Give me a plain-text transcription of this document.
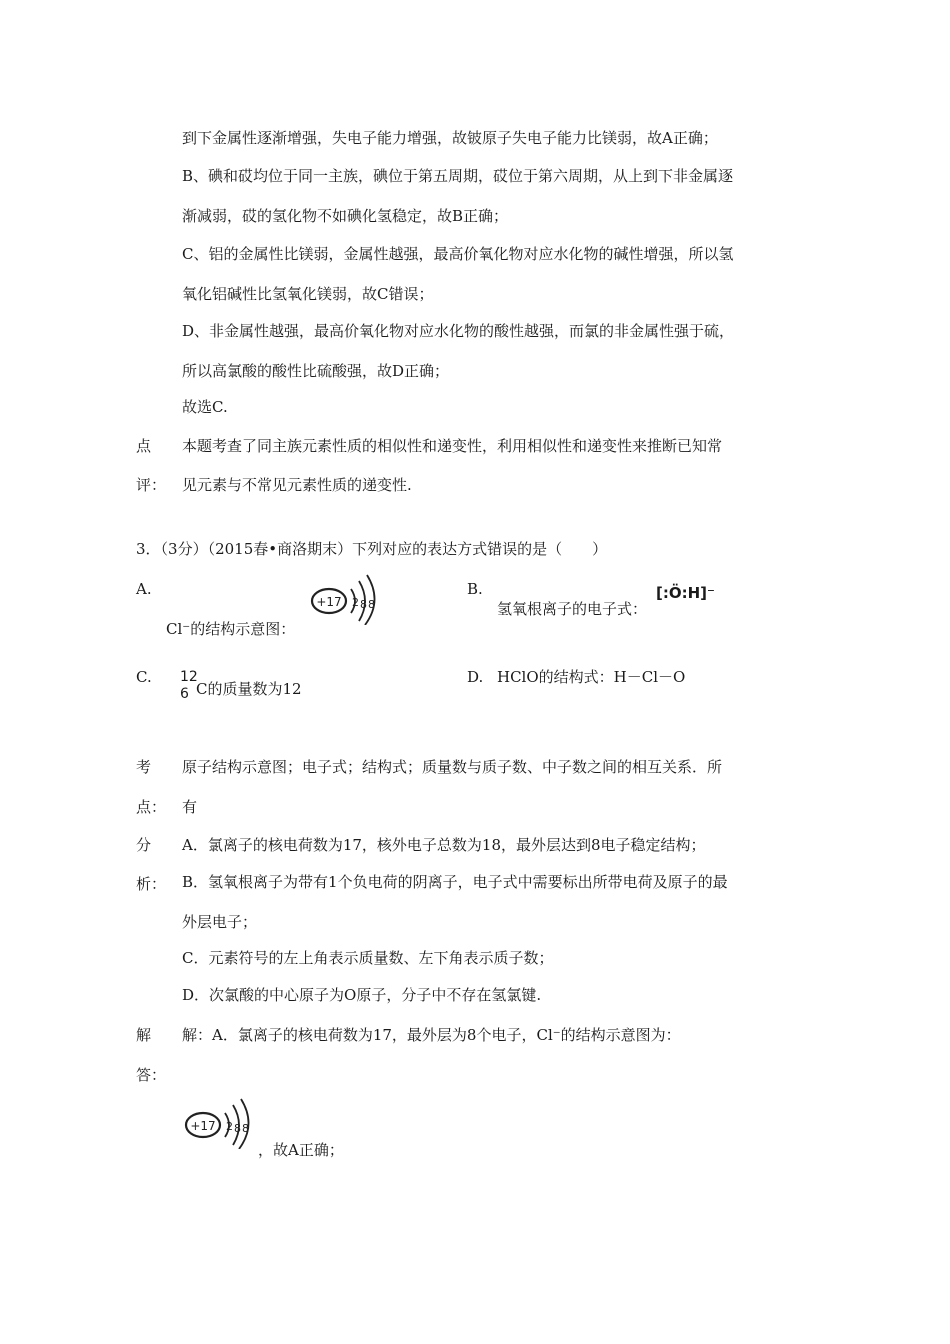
到下金属性逐渐增强，失电子能力增强，故铍原子失电子能力比镁弱，故A正确；
B、碘和砹均位于同一主族，碘位于第五周期，砹位于第六周期，从上到下非金属逐
渐减弱，砹的氢化物不如碘化氢稳定，故B正确；
C、铝的金属性比镁弱，金属性越强，最高价氧化物对应水化物的碱性增强，所以氢
氧化铝碱性比氢氧化镁弱，故C错误；
D、非金属性越强，最高价氧化物对应水化物的酸性越强，而氯的非金属性强于硫，
所以高氯酸的酸性比硫酸强，故D正确；
故选C.
点
评：
本题考查了同主族元素性质的相似性和递变性，利用相似性和递变性来推断已知常
见元素与不常见元素性质的递变性.
3．（3分）（2015春•商洛期末）下列对应的表达方式错误的是（　　）
A.
+17 2 8 8
Cl⁻的结构示意图：
B.
氢氧根离子的电子式：
[:Ö:H]⁻
C. 12
6 C的质量数为12
D. HClO的结构式：H－Cl－O
考
点：
原子结构示意图；电子式；结构式；质量数与质子数、中子数之间的相互关系．所
有
分
析：
A．氯离子的核电荷数为17，核外电子总数为18，最外层达到8电子稳定结构；
B．氢氧根离子为带有1个负电荷的阴离子，电子式中需要标出所带电荷及原子的最
外层电子；
C．元素符号的左上角表示质量数、左下角表示质子数；
D．次氯酸的中心原子为O原子，分子中不存在氢氯键.
解
答：
解：A．氯离子的核电荷数为17，最外层为8个电子，Cl⁻的结构示意图为：
+17 2 8 8
，故A正确；
